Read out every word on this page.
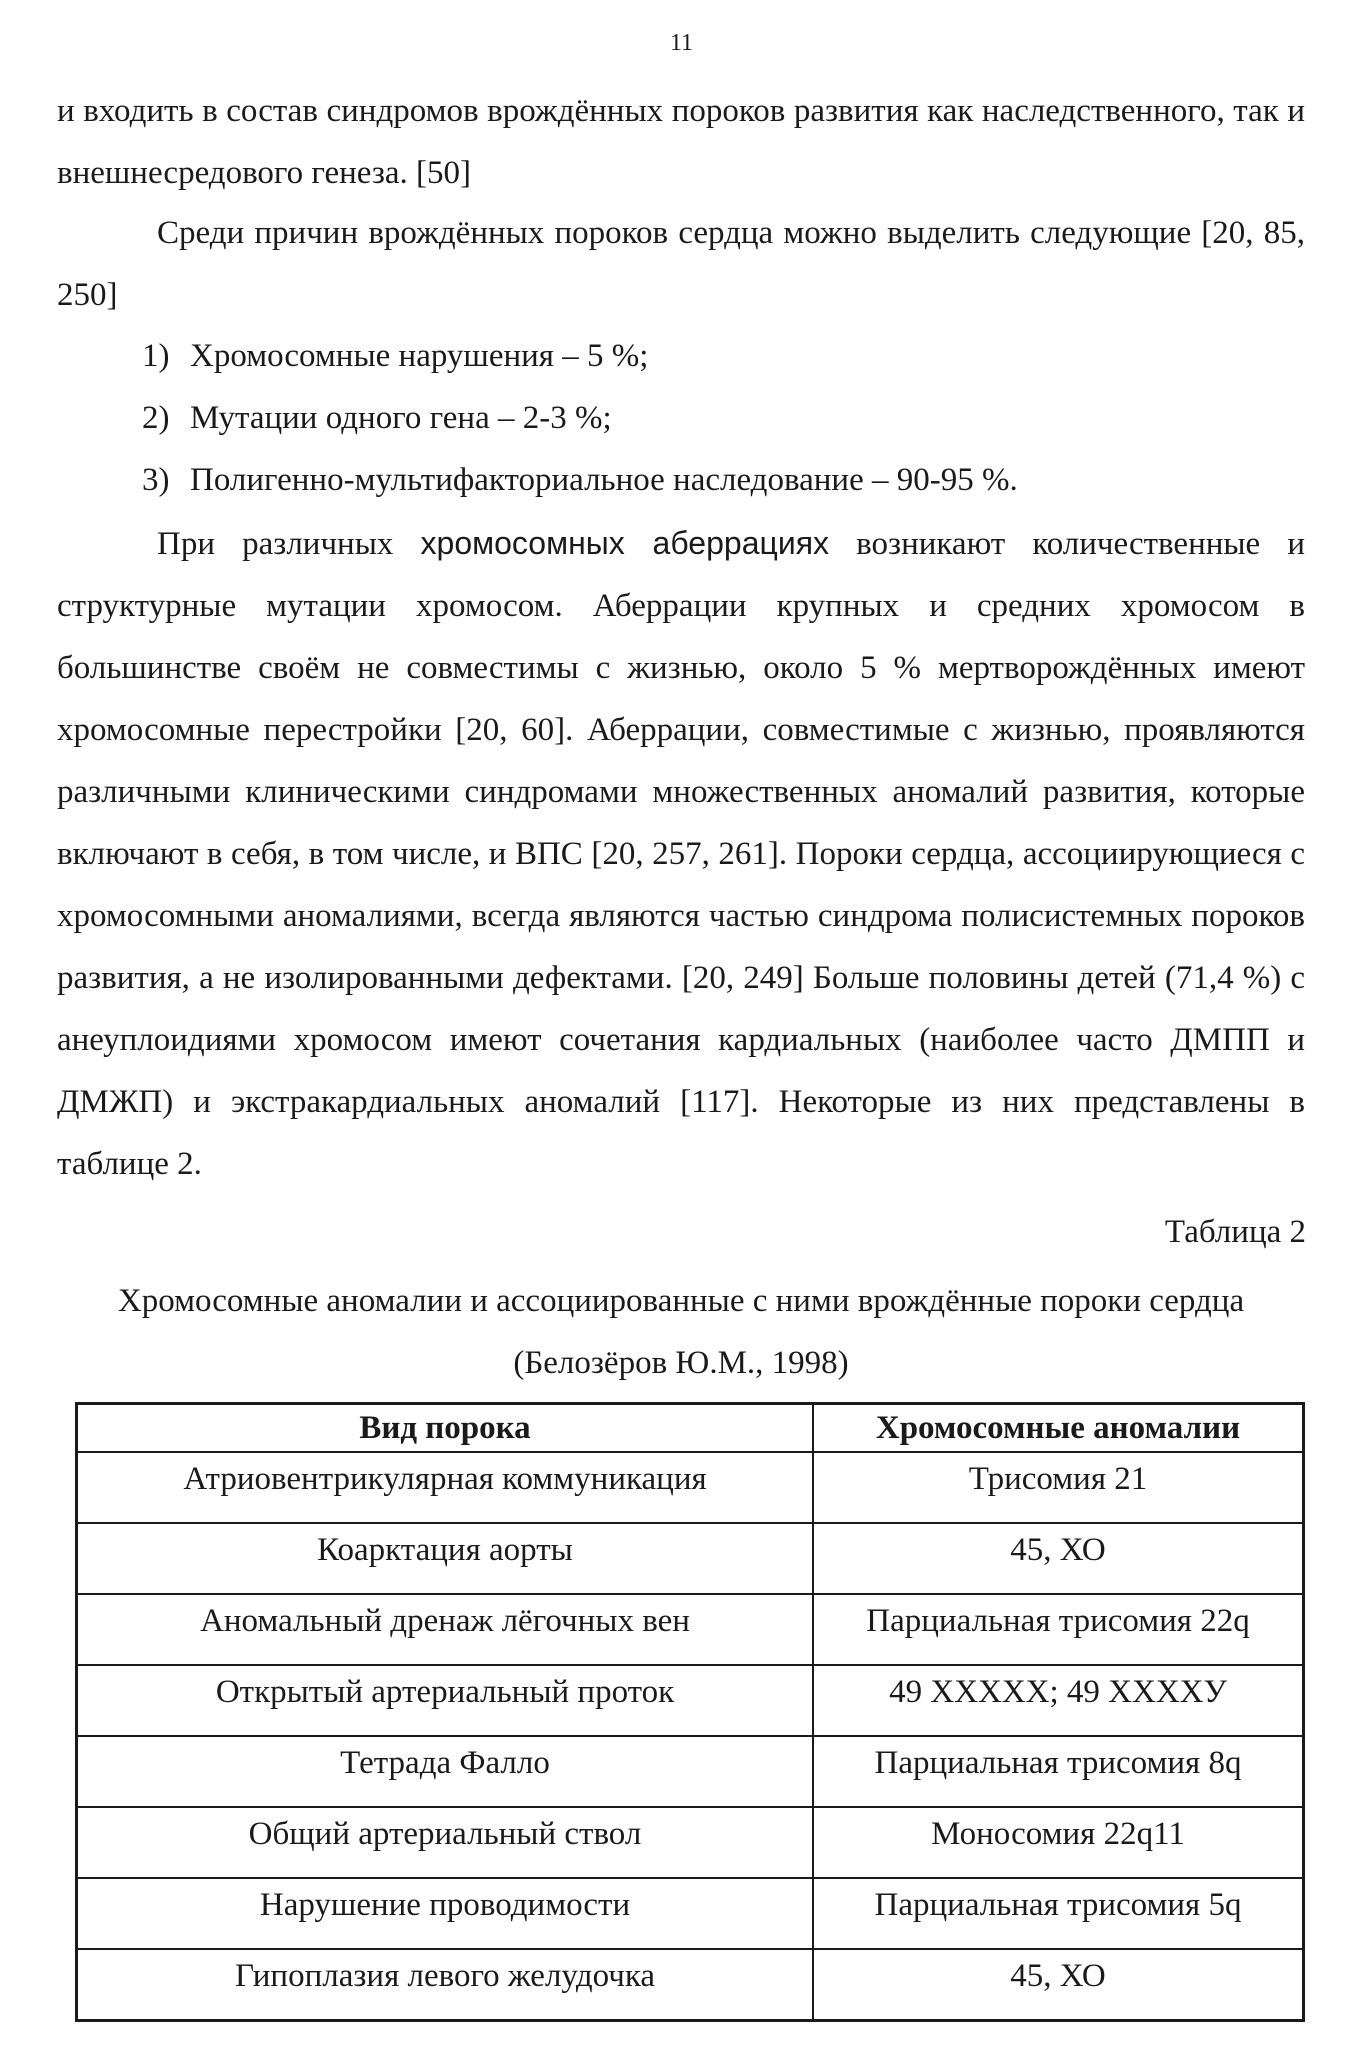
11

и входить в состав синдромов врождённых пороков развития как наследственного, так и внешнесредового генеза. [50]

Среди причин врождённых пороков сердца можно выделить следующие [20, 85, 250]

1) Хромосомные нарушения – 5 %;
2) Мутации одного гена – 2-3 %;
3) Полигенно-мультифакториальное наследование – 90-95 %.

При различных хромосомных аберрациях возникают количественные и структурные мутации хромосом. Аберрации крупных и средних хромосом в большинстве своём не совместимы с жизнью, около 5 % мертворождённых имеют хромосомные перестройки [20, 60]. Аберрации, совместимые с жизнью, проявляются различными клиническими синдромами множественных аномалий развития, которые включают в себя, в том числе, и ВПС [20, 257, 261]. Пороки сердца, ассоциирующиеся с хромосомными аномалиями, всегда являются частью синдрома полисистемных пороков развития, а не изолированными дефектами. [20, 249] Больше половины детей (71,4 %) с анеуплоидиями хромосом имеют сочетания кардиальных (наиболее часто ДМПП и ДМЖП) и экстракардиальных аномалий [117]. Некоторые из них представлены в таблице 2.

Таблица 2
Хромосомные аномалии и ассоциированные с ними врождённые пороки сердца
(Белозёров Ю.М., 1998)
Вид порока	Хромосомные аномалии
Атриовентрикулярная коммуникация	Трисомия 21
Коарктация аорты	45, ХО
Аномальный дренаж лёгочных вен	Парциальная трисомия 22q
Открытый артериальный проток	49 ХХХХХ; 49 ХХХХУ
Тетрада Фалло	Парциальная трисомия 8q
Общий артериальный ствол	Моносомия 22q11
Нарушение проводимости	Парциальная трисомия 5q
Гипоплазия левого желудочка	45, ХО
